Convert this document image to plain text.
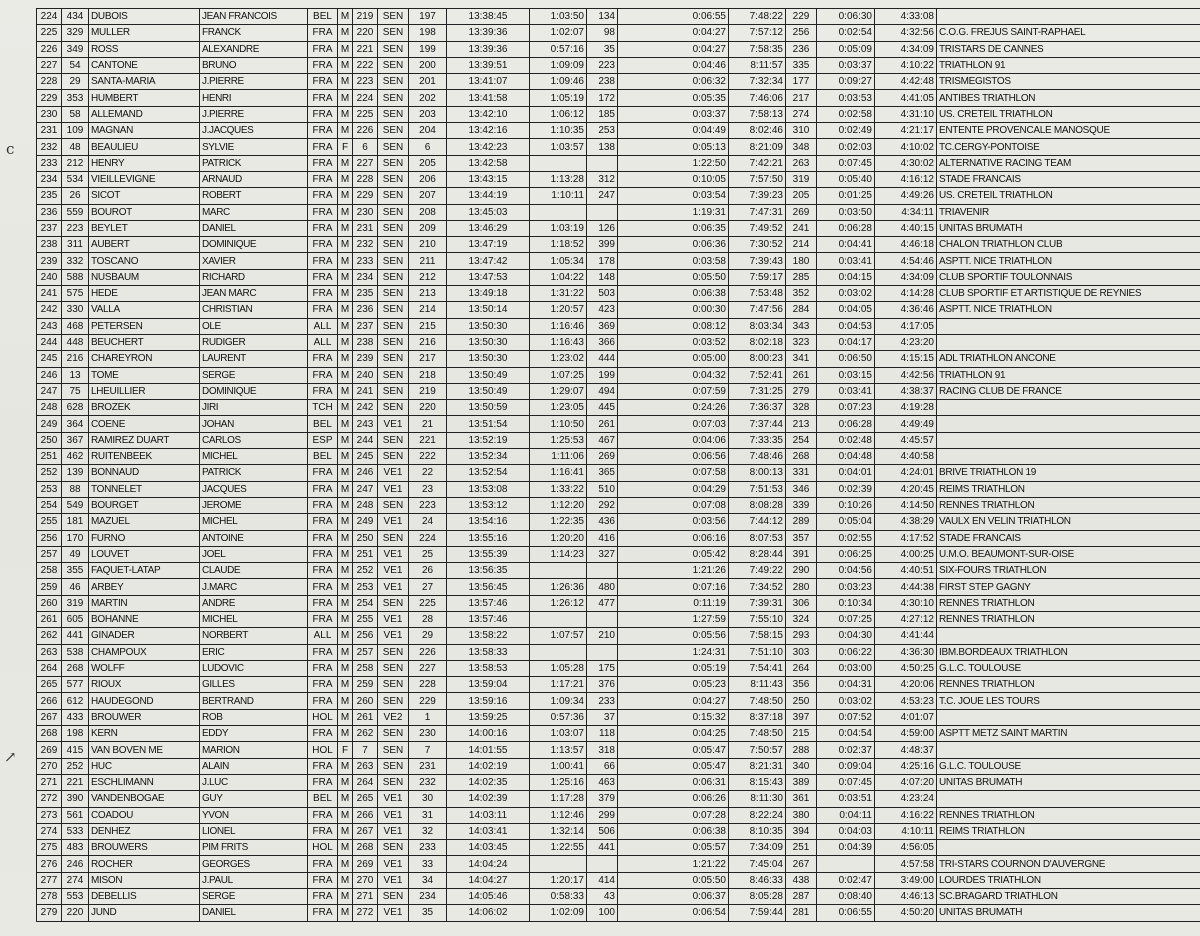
c
↗
224	434	DUBOIS	JEAN FRANCOIS	BEL	M	219	SEN	197	13:38:45	1:03:50	134	0:06:55	7:48:22	229	0:06:30	4:33:08	
225	329	MULLER	FRANCK	FRA	M	220	SEN	198	13:39:36	1:02:07	98	0:04:27	7:57:12	256	0:02:54	4:32:56	C.O.G. FREJUS SAINT-RAPHAEL
226	349	ROSS	ALEXANDRE	FRA	M	221	SEN	199	13:39:36	0:57:16	35	0:04:27	7:58:35	236	0:05:09	4:34:09	TRISTARS DE CANNES
227	54	CANTONE	BRUNO	FRA	M	222	SEN	200	13:39:51	1:09:09	223	0:04:46	8:11:57	335	0:03:37	4:10:22	TRIATHLON 91
228	29	SANTA-MARIA	J.PIERRE	FRA	M	223	SEN	201	13:41:07	1:09:46	238	0:06:32	7:32:34	177	0:09:27	4:42:48	TRISMEGISTOS
229	353	HUMBERT	HENRI	FRA	M	224	SEN	202	13:41:58	1:05:19	172	0:05:35	7:46:06	217	0:03:53	4:41:05	ANTIBES TRIATHLON
230	58	ALLEMAND	J.PIERRE	FRA	M	225	SEN	203	13:42:10	1:06:12	185	0:03:37	7:58:13	274	0:02:58	4:31:10	US. CRETEIL TRIATHLON
231	109	MAGNAN	J.JACQUES	FRA	M	226	SEN	204	13:42:16	1:10:35	253	0:04:49	8:02:46	310	0:02:49	4:21:17	ENTENTE PROVENCALE MANOSQUE
232	48	BEAULIEU	SYLVIE	FRA	F	6	SEN	6	13:42:23	1:03:57	138	0:05:13	8:21:09	348	0:02:03	4:10:02	TC.CERGY-PONTOISE
233	212	HENRY	PATRICK	FRA	M	227	SEN	205	13:42:58			1:22:50	7:42:21	263	0:07:45	4:30:02	ALTERNATIVE RACING TEAM
234	534	VIEILLEVIGNE	ARNAUD	FRA	M	228	SEN	206	13:43:15	1:13:28	312	0:10:05	7:57:50	319	0:05:40	4:16:12	STADE FRANCAIS
235	26	SICOT	ROBERT	FRA	M	229	SEN	207	13:44:19	1:10:11	247	0:03:54	7:39:23	205	0:01:25	4:49:26	US. CRETEIL TRIATHLON
236	559	BOUROT	MARC	FRA	M	230	SEN	208	13:45:03			1:19:31	7:47:31	269	0:03:50	4:34:11	TRIAVENIR
237	223	BEYLET	DANIEL	FRA	M	231	SEN	209	13:46:29	1:03:19	126	0:06:35	7:49:52	241	0:06:28	4:40:15	UNITAS BRUMATH
238	311	AUBERT	DOMINIQUE	FRA	M	232	SEN	210	13:47:19	1:18:52	399	0:06:36	7:30:52	214	0:04:41	4:46:18	CHALON TRIATHLON CLUB
239	332	TOSCANO	XAVIER	FRA	M	233	SEN	211	13:47:42	1:05:34	178	0:03:58	7:39:43	180	0:03:41	4:54:46	ASPTT. NICE TRIATHLON
240	588	NUSBAUM	RICHARD	FRA	M	234	SEN	212	13:47:53	1:04:22	148	0:05:50	7:59:17	285	0:04:15	4:34:09	CLUB SPORTIF TOULONNAIS
241	575	HEDE	JEAN MARC	FRA	M	235	SEN	213	13:49:18	1:31:22	503	0:06:38	7:53:48	352	0:03:02	4:14:28	CLUB SPORTIF ET ARTISTIQUE DE REYNIES
242	330	VALLA	CHRISTIAN	FRA	M	236	SEN	214	13:50:14	1:20:57	423	0:00:30	7:47:56	284	0:04:05	4:36:46	ASPTT. NICE TRIATHLON
243	468	PETERSEN	OLE	ALL	M	237	SEN	215	13:50:30	1:16:46	369	0:08:12	8:03:34	343	0:04:53	4:17:05	
244	448	BEUCHERT	RUDIGER	ALL	M	238	SEN	216	13:50:30	1:16:43	366	0:03:52	8:02:18	323	0:04:17	4:23:20	
245	216	CHAREYRON	LAURENT	FRA	M	239	SEN	217	13:50:30	1:23:02	444	0:05:00	8:00:23	341	0:06:50	4:15:15	ADL TRIATHLON ANCONE
246	13	TOME	SERGE	FRA	M	240	SEN	218	13:50:49	1:07:25	199	0:04:32	7:52:41	261	0:03:15	4:42:56	TRIATHLON 91
247	75	LHEUILLIER	DOMINIQUE	FRA	M	241	SEN	219	13:50:49	1:29:07	494	0:07:59	7:31:25	279	0:03:41	4:38:37	RACING CLUB DE FRANCE
248	628	BROZEK	JIRI	TCH	M	242	SEN	220	13:50:59	1:23:05	445	0:24:26	7:36:37	328	0:07:23	4:19:28	
249	364	COENE	JOHAN	BEL	M	243	VE1	21	13:51:54	1:10:50	261	0:07:03	7:37:44	213	0:06:28	4:49:49	
250	367	RAMIREZ DUART	CARLOS	ESP	M	244	SEN	221	13:52:19	1:25:53	467	0:04:06	7:33:35	254	0:02:48	4:45:57	
251	462	RUITENBEEK	MICHEL	BEL	M	245	SEN	222	13:52:34	1:11:06	269	0:06:56	7:48:46	268	0:04:48	4:40:58	
252	139	BONNAUD	PATRICK	FRA	M	246	VE1	22	13:52:54	1:16:41	365	0:07:58	8:00:13	331	0:04:01	4:24:01	BRIVE TRIATHLON 19
253	88	TONNELET	JACQUES	FRA	M	247	VE1	23	13:53:08	1:33:22	510	0:04:29	7:51:53	346	0:02:39	4:20:45	REIMS TRIATHLON
254	549	BOURGET	JEROME	FRA	M	248	SEN	223	13:53:12	1:12:20	292	0:07:08	8:08:28	339	0:10:26	4:14:50	RENNES TRIATHLON
255	181	MAZUEL	MICHEL	FRA	M	249	VE1	24	13:54:16	1:22:35	436	0:03:56	7:44:12	289	0:05:04	4:38:29	VAULX EN VELIN TRIATHLON
256	170	FURNO	ANTOINE	FRA	M	250	SEN	224	13:55:16	1:20:20	416	0:06:16	8:07:53	357	0:02:55	4:17:52	STADE FRANCAIS
257	49	LOUVET	JOEL	FRA	M	251	VE1	25	13:55:39	1:14:23	327	0:05:42	8:28:44	391	0:06:25	4:00:25	U.M.O. BEAUMONT-SUR-OISE
258	355	FAQUET-LATAP	CLAUDE	FRA	M	252	VE1	26	13:56:35			1:21:26	7:49:22	290	0:04:56	4:40:51	SIX-FOURS TRIATHLON
259	46	ARBEY	J.MARC	FRA	M	253	VE1	27	13:56:45	1:26:36	480	0:07:16	7:34:52	280	0:03:23	4:44:38	FIRST STEP GAGNY
260	319	MARTIN	ANDRE	FRA	M	254	SEN	225	13:57:46	1:26:12	477	0:11:19	7:39:31	306	0:10:34	4:30:10	RENNES TRIATHLON
261	605	BOHANNE	MICHEL	FRA	M	255	VE1	28	13:57:46			1:27:59	7:55:10	324	0:07:25	4:27:12	RENNES TRIATHLON
262	441	GINADER	NORBERT	ALL	M	256	VE1	29	13:58:22	1:07:57	210	0:05:56	7:58:15	293	0:04:30	4:41:44	
263	538	CHAMPOUX	ERIC	FRA	M	257	SEN	226	13:58:33			1:24:31	7:51:10	303	0:06:22	4:36:30	IBM.BORDEAUX TRIATHLON
264	268	WOLFF	LUDOVIC	FRA	M	258	SEN	227	13:58:53	1:05:28	175	0:05:19	7:54:41	264	0:03:00	4:50:25	G.L.C. TOULOUSE
265	577	RIOUX	GILLES	FRA	M	259	SEN	228	13:59:04	1:17:21	376	0:05:23	8:11:43	356	0:04:31	4:20:06	RENNES TRIATHLON
266	612	HAUDEGOND	BERTRAND	FRA	M	260	SEN	229	13:59:16	1:09:34	233	0:04:27	7:48:50	250	0:03:02	4:53:23	T.C. JOUE LES TOURS
267	433	BROUWER	ROB	HOL	M	261	VE2	1	13:59:25	0:57:36	37	0:15:32	8:37:18	397	0:07:52	4:01:07	
268	198	KERN	EDDY	FRA	M	262	SEN	230	14:00:16	1:03:07	118	0:04:25	7:48:50	215	0:04:54	4:59:00	ASPTT METZ SAINT MARTIN
269	415	VAN BOVEN ME	MARION	HOL	F	7	SEN	7	14:01:55	1:13:57	318	0:05:47	7:50:57	288	0:02:37	4:48:37	
270	252	HUC	ALAIN	FRA	M	263	SEN	231	14:02:19	1:00:41	66	0:05:47	8:21:31	340	0:09:04	4:25:16	G.L.C. TOULOUSE
271	221	ESCHLIMANN	J.LUC	FRA	M	264	SEN	232	14:02:35	1:25:16	463	0:06:31	8:15:43	389	0:07:45	4:07:20	UNITAS BRUMATH
272	390	VANDENBOGAE	GUY	BEL	M	265	VE1	30	14:02:39	1:17:28	379	0:06:26	8:11:30	361	0:03:51	4:23:24	
273	561	COADOU	YVON	FRA	M	266	VE1	31	14:03:11	1:12:46	299	0:07:28	8:22:24	380	0:04:11	4:16:22	RENNES TRIATHLON
274	533	DENHEZ	LIONEL	FRA	M	267	VE1	32	14:03:41	1:32:14	506	0:06:38	8:10:35	394	0:04:03	4:10:11	REIMS TRIATHLON
275	483	BROUWERS	PIM FRITS	HOL	M	268	SEN	233	14:03:45	1:22:55	441	0:05:57	7:34:09	251	0:04:39	4:56:05	
276	246	ROCHER	GEORGES	FRA	M	269	VE1	33	14:04:24			1:21:22	7:45:04	267		4:57:58	TRI-STARS COURNON D'AUVERGNE
277	274	MISON	J.PAUL	FRA	M	270	VE1	34	14:04:27	1:20:17	414	0:05:50	8:46:33	438	0:02:47	3:49:00	LOURDES TRIATHLON
278	553	DEBELLIS	SERGE	FRA	M	271	SEN	234	14:05:46	0:58:33	43	0:06:37	8:05:28	287	0:08:40	4:46:13	SC.BRAGARD TRIATHLON
279	220	JUND	DANIEL	FRA	M	272	VE1	35	14:06:02	1:02:09	100	0:06:54	7:59:44	281	0:06:55	4:50:20	UNITAS BRUMATH
